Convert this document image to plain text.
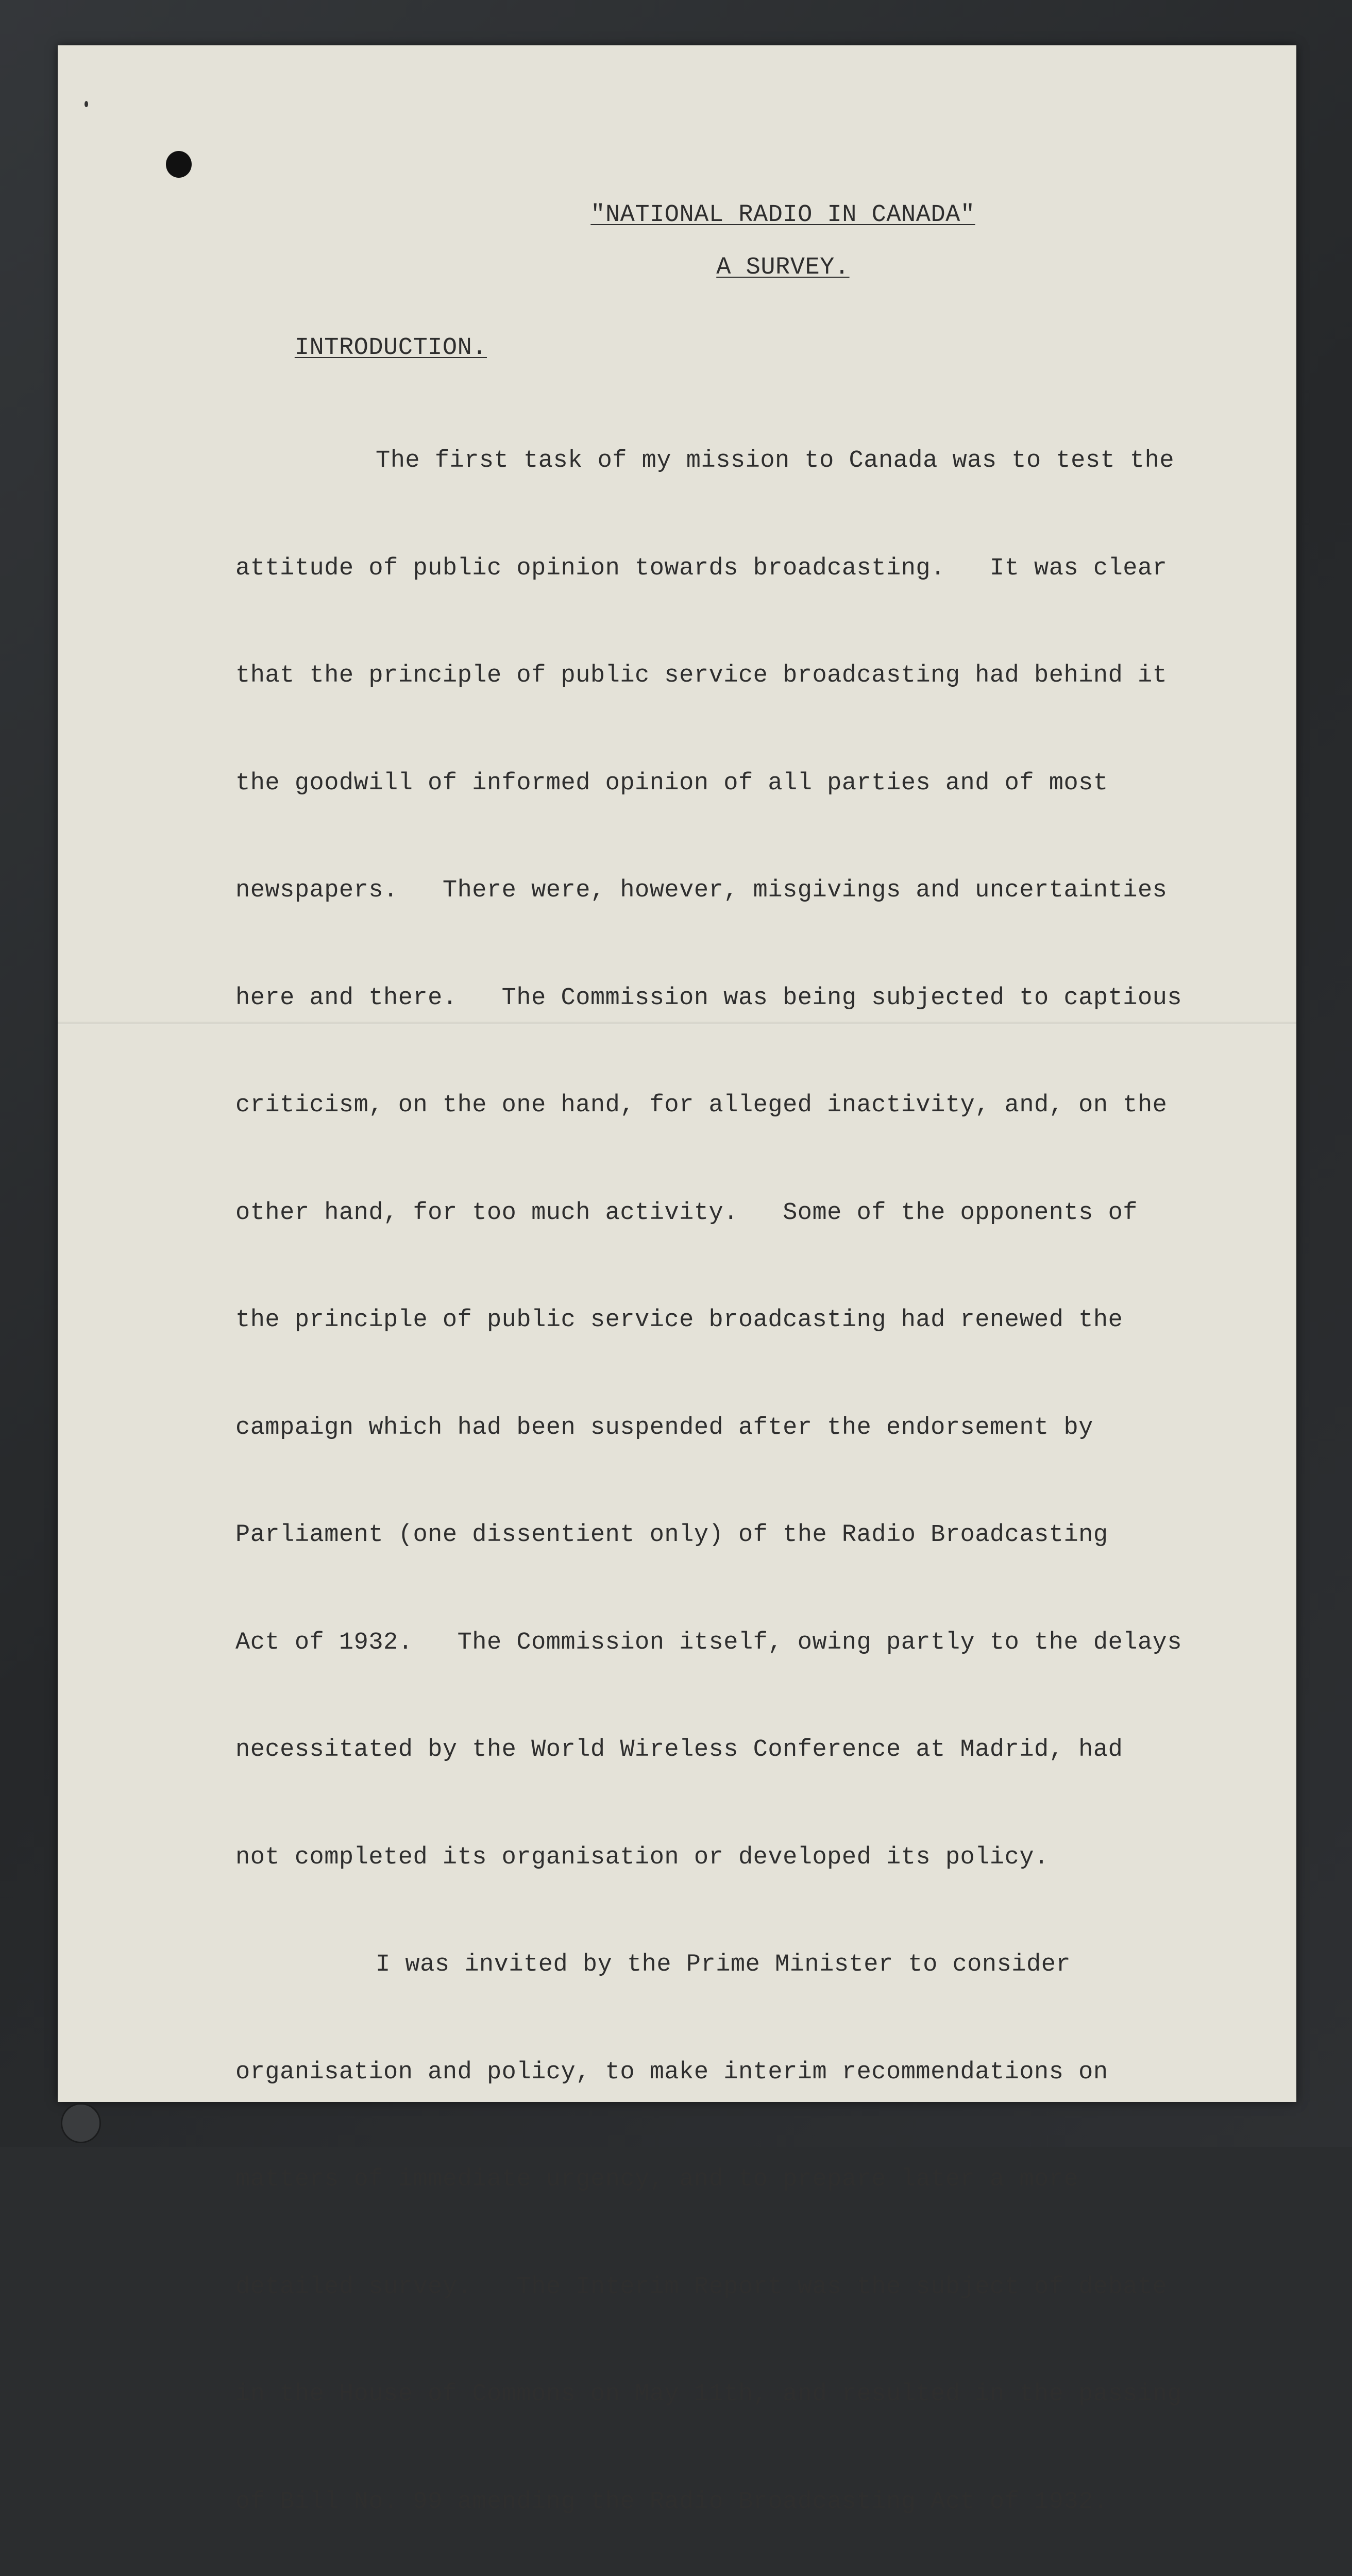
"NATIONAL RADIO IN CANADA"

A SURVEY.

INTRODUCTION.

The first task of my mission to Canada was to test the

attitude of public opinion towards broadcasting.   It was clear

that the principle of public service broadcasting had behind it

the goodwill of informed opinion of all parties and of most

newspapers.   There were, however, misgivings and uncertainties

here and there.   The Commission was being subjected to captious

criticism, on the one hand, for alleged inactivity, and, on the

other hand, for too much activity.   Some of the opponents of

the principle of public service broadcasting had renewed the

campaign which had been suspended after the endorsement by

Parliament (one dissentient only) of the Radio Broadcasting

Act of 1932.   The Commission itself, owing partly to the delays

necessitated by the World Wireless Conference at Madrid, had

not completed its organisation or developed its policy.

I was invited by the Prime Minister to consider

organisation and policy, to make interim recommendations on

matters of immediate urgency, and to prepare later a more

detailed survey.   The Interim Report was the subject of debate

in the House of Commons on May 11th, and resulted in the passing

of Bill No. 99 amending the Radio Broadcasting Act of 1932.
